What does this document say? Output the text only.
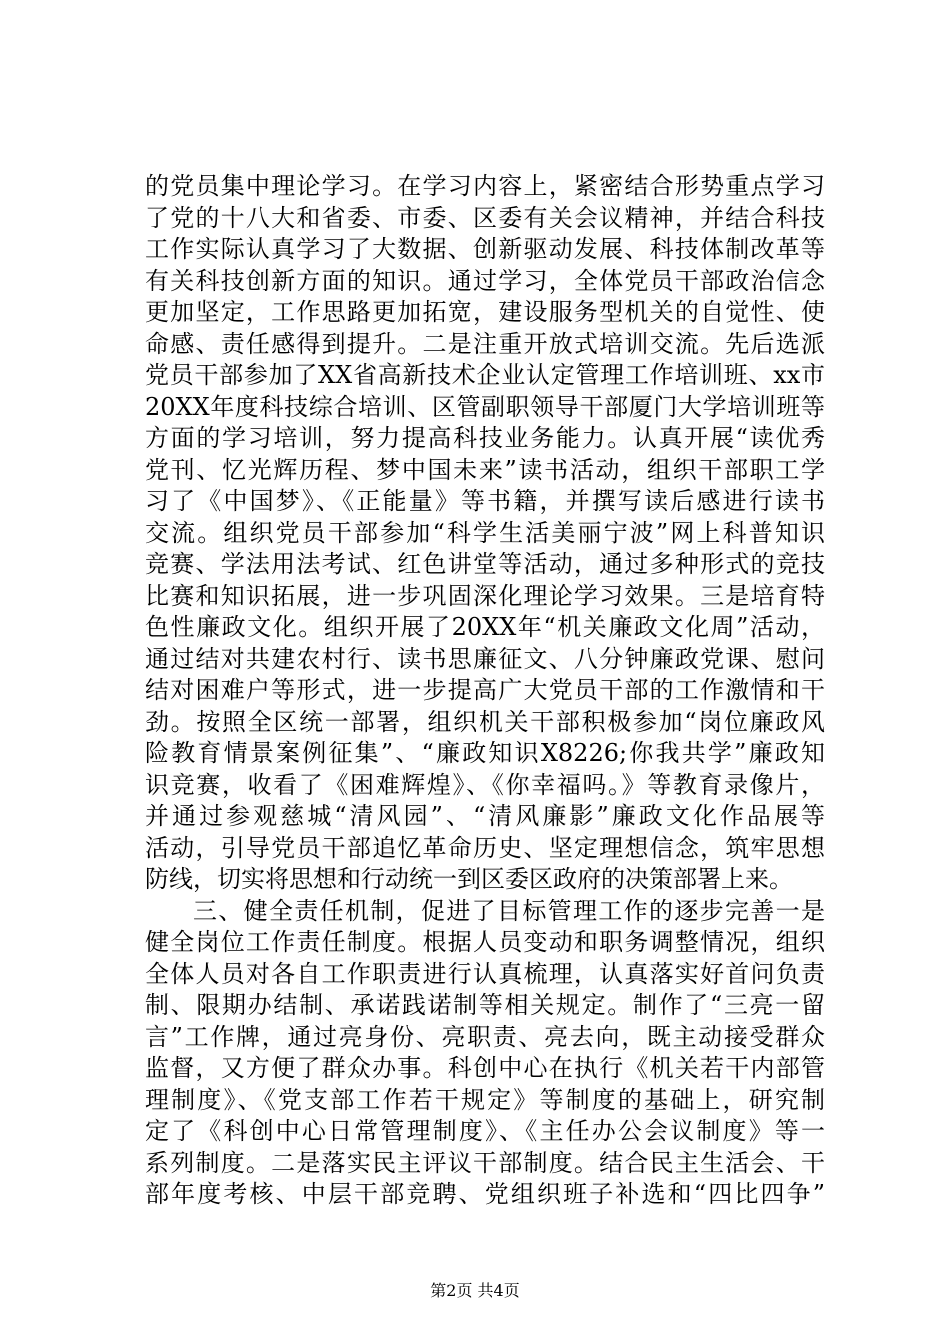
的党员集中理论学习。在学习内容上，紧密结合形势重点学习
了党的十八大和省委、市委、区委有关会议精神，并结合科技
工作实际认真学习了大数据、创新驱动发展、科技体制改革等
有关科技创新方面的知识。通过学习，全体党员干部政治信念
更加坚定，工作思路更加拓宽，建设服务型机关的自觉性、使
命感、责任感得到提升。二是注重开放式培训交流。先后选派
党员干部参加了XX省高新技术企业认定管理工作培训班、xx市
20XX年度科技综合培训、区管副职领导干部厦门大学培训班等
方面的学习培训，努力提高科技业务能力。认真开展“读优秀
党刊、忆光辉历程、梦中国未来”读书活动，组织干部职工学
习了《中国梦》、《正能量》等书籍，并撰写读后感进行读书
交流。组织党员干部参加“科学生活美丽宁波”网上科普知识
竞赛、学法用法考试、红色讲堂等活动，通过多种形式的竞技
比赛和知识拓展，进一步巩固深化理论学习效果。三是培育特
色性廉政文化。组织开展了20XX年“机关廉政文化周”活动，
通过结对共建农村行、读书思廉征文、八分钟廉政党课、慰问
结对困难户等形式，进一步提高广大党员干部的工作激情和干
劲。按照全区统一部署，组织机关干部积极参加“岗位廉政风
险教育情景案例征集”、“廉政知识X8226;你我共学”廉政知
识竞赛，收看了《困难辉煌》、《你幸福吗。》等教育录像片，
并通过参观慈城“清风园”、“清风廉影”廉政文化作品展等
活动，引导党员干部追忆革命历史、坚定理想信念，筑牢思想
防线，切实将思想和行动统一到区委区政府的决策部署上来。
三、健全责任机制，促进了目标管理工作的逐步完善一是
健全岗位工作责任制度。根据人员变动和职务调整情况，组织
全体人员对各自工作职责进行认真梳理，认真落实好首问负责
制、限期办结制、承诺践诺制等相关规定。制作了“三亮一留
言”工作牌，通过亮身份、亮职责、亮去向，既主动接受群众
监督，又方便了群众办事。科创中心在执行《机关若干内部管
理制度》、《党支部工作若干规定》等制度的基础上，研究制
定了《科创中心日常管理制度》、《主任办公会议制度》等一
系列制度。二是落实民主评议干部制度。结合民主生活会、干
部年度考核、中层干部竞聘、党组织班子补选和“四比四争”
第2页 共4页
